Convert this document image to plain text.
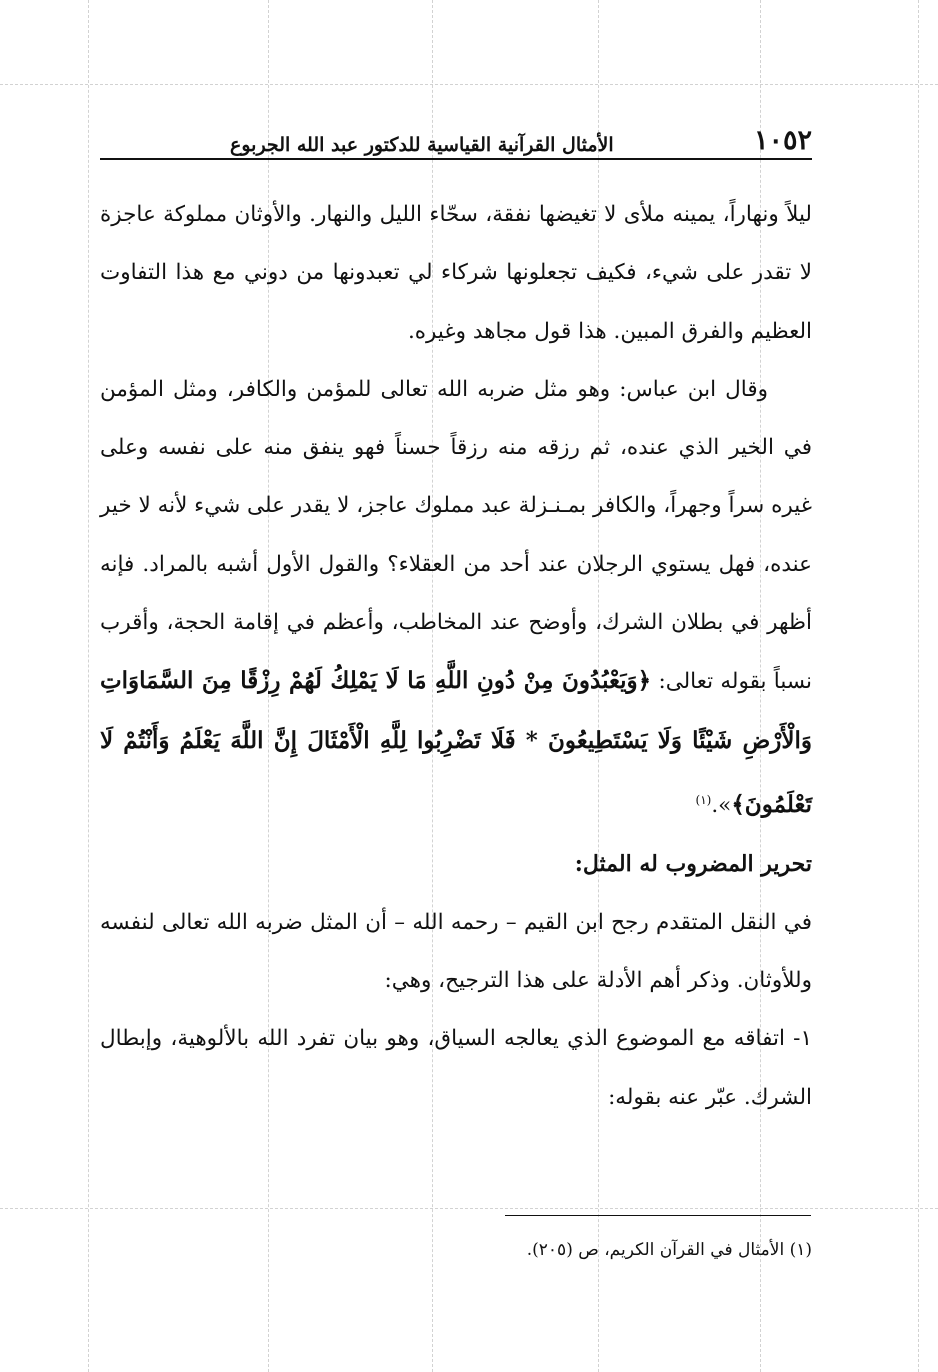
١٠٥٢
الأمثال القرآنية القياسية للدكتور عبد الله الجربوع

ليلاً ونهاراً، يمينه ملأى لا تغيضها نفقة، سحّاء الليل والنهار. والأوثان مملوكة عاجزة لا تقدر على شيء، فكيف تجعلونها شركاء لي تعبدونها من دوني مع هذا التفاوت العظيم والفرق المبين. هذا قول مجاهد وغيره.

وقال ابن عباس: وهو مثل ضربه الله تعالى للمؤمن والكافر، ومثل المؤمن في الخير الذي عنده، ثم رزقه منه رزقاً حسناً فهو ينفق منه على نفسه وعلى غيره سراً وجهراً، والكافر بمـنـزلة عبد مملوك عاجز، لا يقدر على شيء لأنه لا خير عنده، فهل يستوي الرجلان عند أحد من العقلاء؟ والقول الأول أشبه بالمراد. فإنه أظهر في بطلان الشرك، وأوضح عند المخاطب، وأعظم في إقامة الحجة، وأقرب نسباً بقوله تعالى: ﴿وَيَعْبُدُونَ مِنْ دُونِ اللَّهِ مَا لَا يَمْلِكُ لَهُمْ رِزْقًا مِنَ السَّمَاوَاتِ وَالْأَرْضِ شَيْئًا وَلَا يَسْتَطِيعُونَ * فَلَا تَضْرِبُوا لِلَّهِ الْأَمْثَالَ إِنَّ اللَّهَ يَعْلَمُ وَأَنْتُمْ لَا تَعْلَمُونَ﴾».$^{(١)}$

تحرير المضروب له المثل:

في النقل المتقدم رجح ابن القيم – رحمه الله – أن المثل ضربه الله تعالى لنفسه وللأوثان. وذكر أهم الأدلة على هذا الترجيح، وهي:

١- اتفاقه مع الموضوع الذي يعالجه السياق، وهو بيان تفرد الله بالألوهية، وإبطال الشرك. عبّر عنه بقوله:

(١) الأمثال في القرآن الكريم، ص (٢٠٥).
